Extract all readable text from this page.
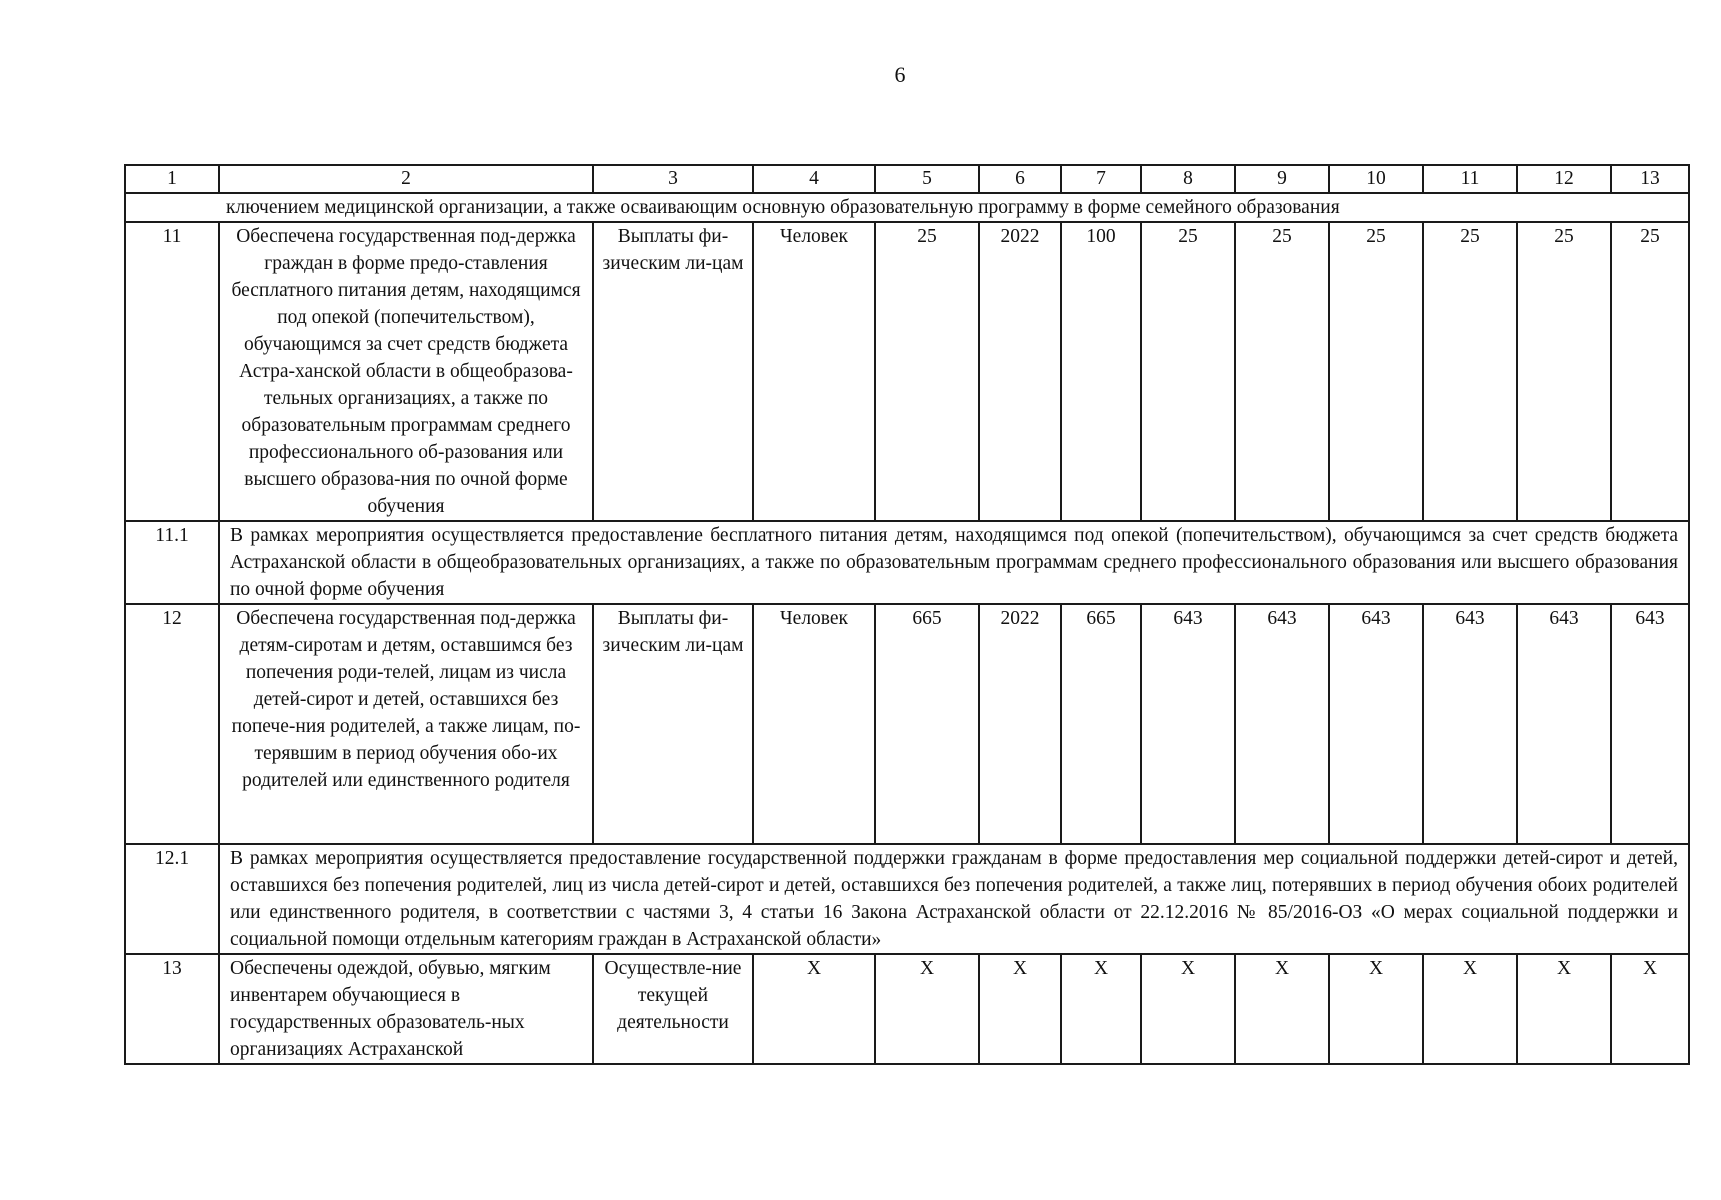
6
1	2	3	4	5	6	7	8	9	10	11	12	13
ключением медицинской организации, а также осваивающим основную образовательную программу в форме семейного образования												
11	Обеспечена государственная под-держка граждан в форме предо-ставления бесплатного питания детям, находящимся под опекой (попечительством), обучающимся за счет средств бюджета Астра-ханской области в общеобразова-тельных организациях, а также по образовательным программам среднего профессионального об-разования или высшего образова-ния по очной форме обучения	Выплаты фи-зическим ли-цам	Человек	25	2022	100	25	25	25	25	25	25
11.1	В рамках мероприятия осуществляется предоставление бесплатного питания детям, находящимся под опекой (попечительством), обучающимся за счет средств бюджета Астраханской области в общеобразовательных организациях, а также по образовательным программам среднего профессионального образования или высшего образования по очной форме обучения											
12	Обеспечена государственная под-держка детям-сиротам и детям, оставшимся без попечения роди-телей, лицам из числа детей-сирот и детей, оставшихся без попече-ния родителей, а также лицам, по-терявшим в период обучения обо-их родителей или единственного родителя	Выплаты фи-зическим ли-цам	Человек	665	2022	665	643	643	643	643	643	643
12.1	В рамках мероприятия осуществляется предоставление государственной поддержки гражданам в форме предоставления мер социальной поддержки детей-сирот и детей, оставшихся без попечения родителей, лиц из числа детей-сирот и детей, оставшихся без попечения родителей, а также лиц, потерявших в период обучения обоих родителей или единственного родителя, в соответствии с частями 3, 4 статьи 16 Закона Астраханской области от 22.12.2016 № 85/2016-ОЗ «О мерах социальной поддержки и социальной помощи отдельным категориям граждан в Астраханской области»											
13	Обеспечены одеждой, обувью, мягким инвентарем обучающиеся в государственных образователь-ных организациях Астраханской	Осуществле-ние текущей деятельности	Х	Х	Х	Х	Х	Х	Х	Х	Х	Х
